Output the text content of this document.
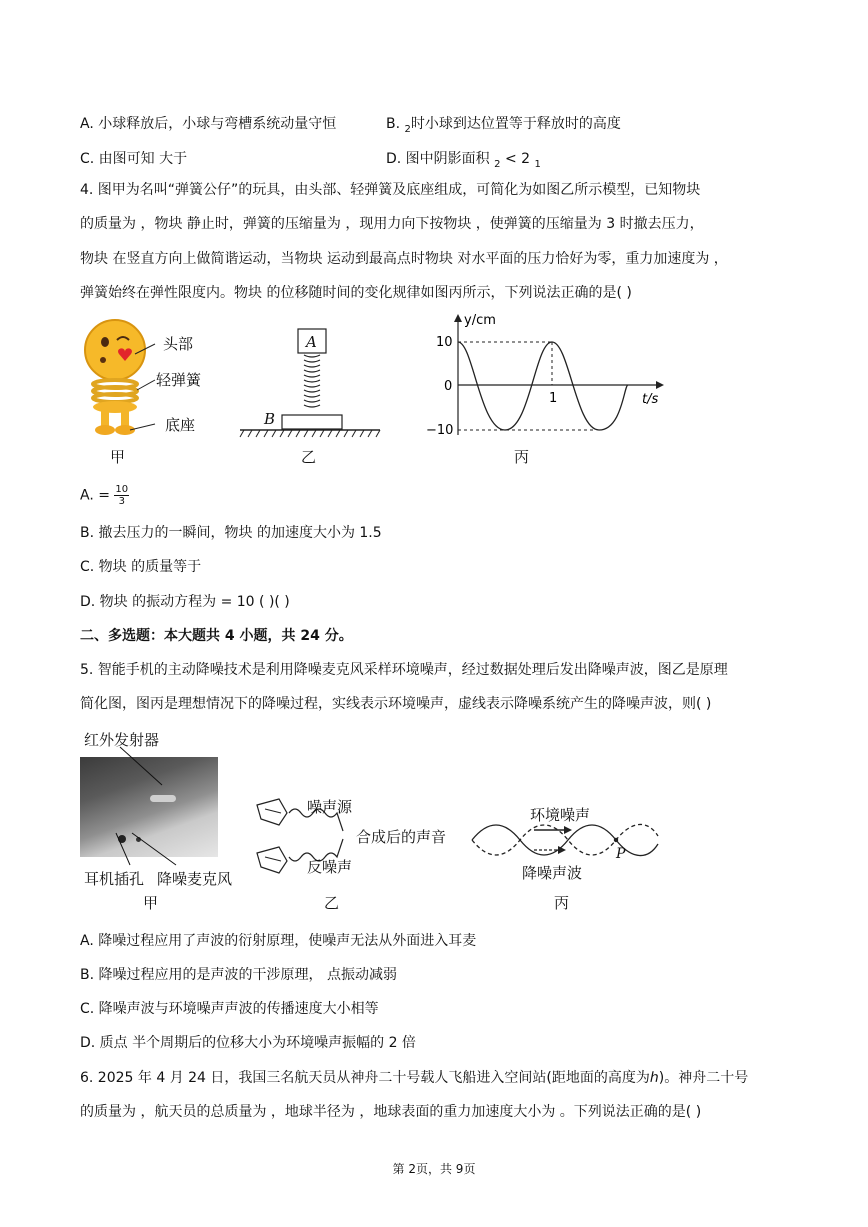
A. 小球释放后，小球与弯槽系统动量守恒	B. $_2$时小球到达位置等于释放时的高度
C. 由图可知 大于	D. 图中阴影面积 $_2$ < 2 $_1$
4. 图甲为名叫“弹簧公仔”的玩具，由头部、轻弹簧及底座组成，可简化为如图乙所示模型，已知物块
的质量为 ，物块 静止时，弹簧的压缩量为 ，现用力向下按物块 ，使弹簧的压缩量为 3 时撤去压力，
物块 在竖直方向上做简谐运动，当物块 运动到最高点时物块 对水平面的压力恰好为零，重力加速度为 ，
弹簧始终在弹性限度内。物块 的位移随时间的变化规律如图丙所示，下列说法正确的是( )
头部
轻弹簧
底座
甲
A
B
乙
y/cm
t/s
10
0
−10
1
丙
A. = $\frac{10}{3}$
B. 撤去压力的一瞬间，物块 的加速度大小为 1.5
C. 物块 的质量等于
D. 物块 的振动方程为 = 10 ( )( )
二、多选题：本大题共 4 小题，共 24 分。
5. 智能手机的主动降噪技术是利用降噪麦克风采样环境噪声，经过数据处理后发出降噪声波，图乙是原理
简化图，图丙是理想情况下的降噪过程，实线表示环境噪声，虚线表示降噪系统产生的降噪声波，则( )
红外发射器
耳机插孔 降噪麦克风
甲
噪声源
合成后的声音
反噪声
乙
环境噪声
降噪声波
P
丙
A. 降噪过程应用了声波的衍射原理，使噪声无法从外面进入耳麦
B. 降噪过程应用的是声波的干涉原理， 点振动减弱
C. 降噪声波与环境噪声声波的传播速度大小相等
D. 质点 半个周期后的位移大小为环境噪声振幅的 2 倍
6. 2025 年 4 月 24 日，我国三名航天员从神舟二十号载人飞船进入空间站(距地面的高度为ℎ)。神舟二十号
的质量为 ，航天员的总质量为 ，地球半径为 ，地球表面的重力加速度大小为 。下列说法正确的是( )
第 2页，共 9页
